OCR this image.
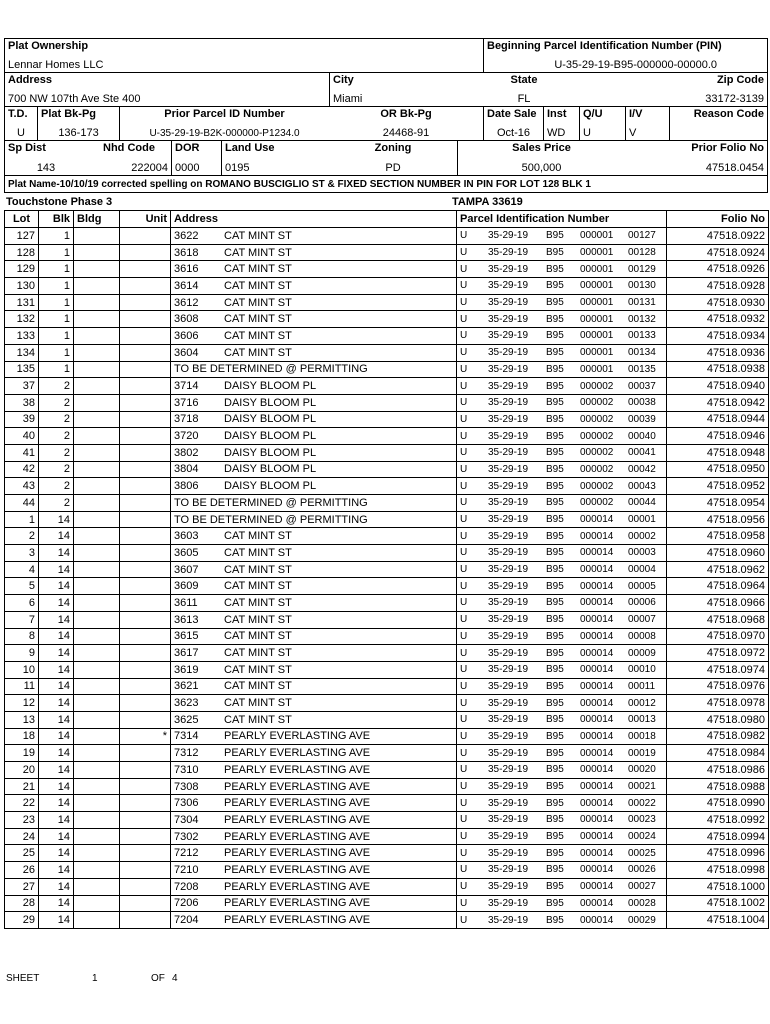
Plat Ownership
Lennar Homes LLC
Beginning Parcel Identification Number (PIN)
U-35-29-19-B95-000000-00000.0
Address
700 NW 107th Ave Ste 400
City
Miami
State
FL
Zip Code
33172-3139
T.D.
U
Plat Bk-Pg
136-173
Prior Parcel ID Number
U-35-29-19-B2K-000000-P1234.0
OR Bk-Pg
24468-91
Date Sale
Oct-16
Inst
WD
Q/U
U
I/V
V
Reason Code
Sp Dist
143
Nhd Code
222004
DOR
0000
Land Use
0195
Zoning
PD
Sales Price
500,000
Prior Folio No
47518.0454
Plat Name-10/10/19 corrected spelling on ROMANO BUSCIGLIO ST & FIXED SECTION NUMBER IN PIN FOR LOT 128 BLK 1
Touchstone Phase 3	TAMPA 33619
Lot	Blk	Bldg	Unit	Address	Parcel Identification Number	Folio No
127	1			3622 CAT MINT ST	U 35-29-19 B95 000001 00127	47518.0922
128	1			3618 CAT MINT ST	U 35-29-19 B95 000001 00128	47518.0924
129	1			3616 CAT MINT ST	U 35-29-19 B95 000001 00129	47518.0926
130	1			3614 CAT MINT ST	U 35-29-19 B95 000001 00130	47518.0928
131	1			3612 CAT MINT ST	U 35-29-19 B95 000001 00131	47518.0930
132	1			3608 CAT MINT ST	U 35-29-19 B95 000001 00132	47518.0932
133	1			3606 CAT MINT ST	U 35-29-19 B95 000001 00133	47518.0934
134	1			3604 CAT MINT ST	U 35-29-19 B95 000001 00134	47518.0936
135	1			TO BE DETERMINED @ PERMITTING	U 35-29-19 B95 000001 00135	47518.0938
37	2			3714 DAISY BLOOM PL	U 35-29-19 B95 000002 00037	47518.0940
38	2			3716 DAISY BLOOM PL	U 35-29-19 B95 000002 00038	47518.0942
39	2			3718 DAISY BLOOM PL	U 35-29-19 B95 000002 00039	47518.0944
40	2			3720 DAISY BLOOM PL	U 35-29-19 B95 000002 00040	47518.0946
41	2			3802 DAISY BLOOM PL	U 35-29-19 B95 000002 00041	47518.0948
42	2			3804 DAISY BLOOM PL	U 35-29-19 B95 000002 00042	47518.0950
43	2			3806 DAISY BLOOM PL	U 35-29-19 B95 000002 00043	47518.0952
44	2			TO BE DETERMINED @ PERMITTING	U 35-29-19 B95 000002 00044	47518.0954
1	14			TO BE DETERMINED @ PERMITTING	U 35-29-19 B95 000014 00001	47518.0956
2	14			3603 CAT MINT ST	U 35-29-19 B95 000014 00002	47518.0958
3	14			3605 CAT MINT ST	U 35-29-19 B95 000014 00003	47518.0960
4	14			3607 CAT MINT ST	U 35-29-19 B95 000014 00004	47518.0962
5	14			3609 CAT MINT ST	U 35-29-19 B95 000014 00005	47518.0964
6	14			3611 CAT MINT ST	U 35-29-19 B95 000014 00006	47518.0966
7	14			3613 CAT MINT ST	U 35-29-19 B95 000014 00007	47518.0968
8	14			3615 CAT MINT ST	U 35-29-19 B95 000014 00008	47518.0970
9	14			3617 CAT MINT ST	U 35-29-19 B95 000014 00009	47518.0972
10	14			3619 CAT MINT ST	U 35-29-19 B95 000014 00010	47518.0974
11	14			3621 CAT MINT ST	U 35-29-19 B95 000014 00011	47518.0976
12	14			3623 CAT MINT ST	U 35-29-19 B95 000014 00012	47518.0978
13	14			3625 CAT MINT ST	U 35-29-19 B95 000014 00013	47518.0980
18	14		*	7314 PEARLY EVERLASTING AVE	U 35-29-19 B95 000014 00018	47518.0982
19	14			7312 PEARLY EVERLASTING AVE	U 35-29-19 B95 000014 00019	47518.0984
20	14			7310 PEARLY EVERLASTING AVE	U 35-29-19 B95 000014 00020	47518.0986
21	14			7308 PEARLY EVERLASTING AVE	U 35-29-19 B95 000014 00021	47518.0988
22	14			7306 PEARLY EVERLASTING AVE	U 35-29-19 B95 000014 00022	47518.0990
23	14			7304 PEARLY EVERLASTING AVE	U 35-29-19 B95 000014 00023	47518.0992
24	14			7302 PEARLY EVERLASTING AVE	U 35-29-19 B95 000014 00024	47518.0994
25	14			7212 PEARLY EVERLASTING AVE	U 35-29-19 B95 000014 00025	47518.0996
26	14			7210 PEARLY EVERLASTING AVE	U 35-29-19 B95 000014 00026	47518.0998
27	14			7208 PEARLY EVERLASTING AVE	U 35-29-19 B95 000014 00027	47518.1000
28	14			7206 PEARLY EVERLASTING AVE	U 35-29-19 B95 000014 00028	47518.1002
29	14			7204 PEARLY EVERLASTING AVE	U 35-29-19 B95 000014 00029	47518.1004
SHEET	1	OF 4
